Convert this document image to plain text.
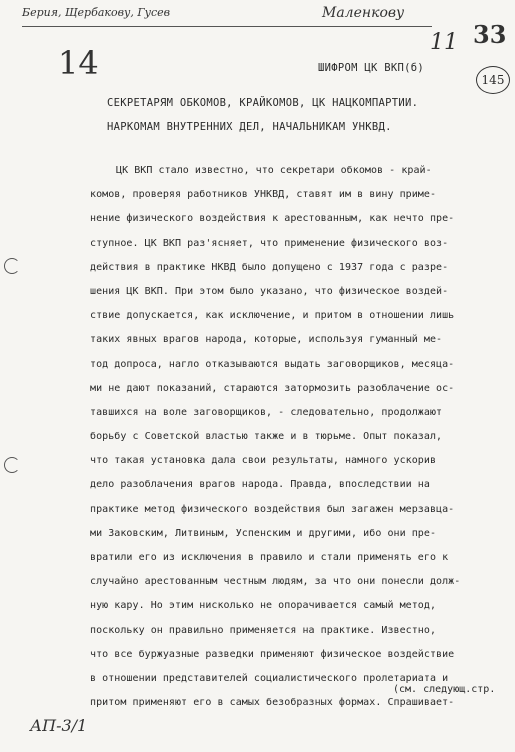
Берия, Щербакову, Гусев	Маленкову
14
11 33
145
ШИФРОМ ЦК ВКП(б)
СЕКРЕТАРЯМ ОБКОМОВ, КРАЙКОМОВ, ЦК НАЦКОМПАРТИИ.
НАРКОМАМ ВНУТРЕННИХ ДЕЛ, НАЧАЛЬНИКАМ УНКВД.
ЦК ВКП стало известно, что секретари обкомов - край-
комов, проверяя работников УНКВД, ставят им в вину приме-
нение физического воздействия к арестованным, как нечто пре-
ступное. ЦК ВКП раз'ясняет, что применение физического воз-
действия в практике НКВД было допущено с 1937 года с разре-
шения ЦК ВКП. При этом было указано, что физическое воздей-
ствие допускается, как исключение, и притом в отношении лишь
таких явных врагов народа, которые, используя гуманный ме-
тод допроса, нагло отказываются выдать заговорщиков, месяца-
ми не дают показаний, стараются затормозить разоблачение ос-
тавшихся на воле заговорщиков, - следовательно, продолжают
борьбу с Советской властью также и в тюрьме. Опыт показал,
что такая установка дала свои результаты, намного ускорив
дело разоблачения врагов народа. Правда, впоследствии на
практике метод физического воздействия был загажен мерзавца-
ми Заковским, Литвиным, Успенским и другими, ибо они пре-
вратили его из исключения в правило и стали применять его к
случайно арестованным честным людям, за что они понесли долж-
ную кару. Но этим нисколько не опорачивается самый метод,
поскольку он правильно применяется на практике. Известно,
что все буржуазные разведки применяют физическое воздействие
в отношении представителей социалистического пролетариата и
притом применяют его в самых безобразных формах. Спрашивает-
(см. следующ.стр.
АП-3/1
